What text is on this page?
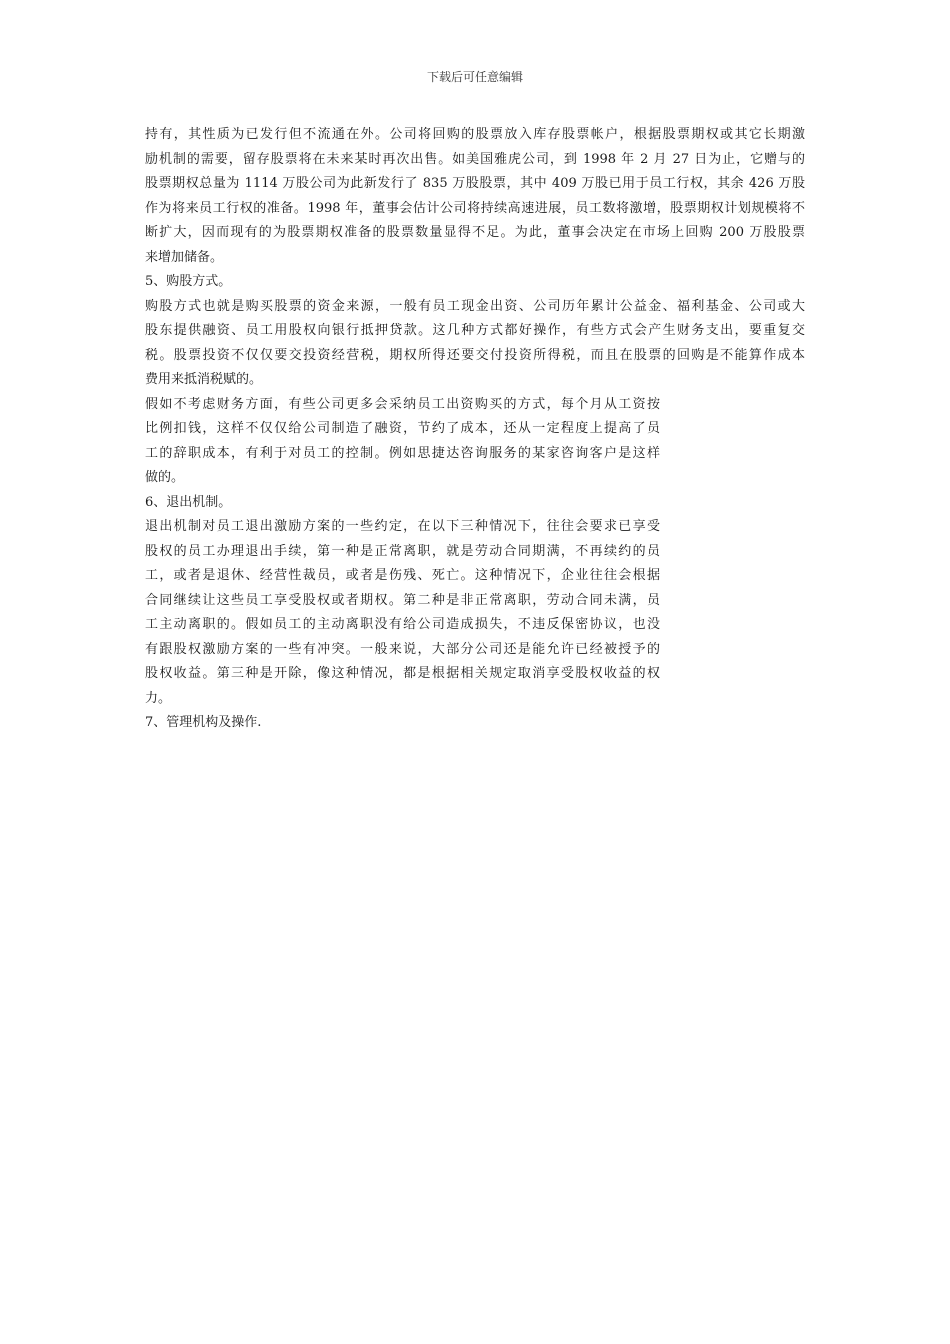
下载后可任意编辑
持有，其性质为已发行但不流通在外。公司将回购的股票放入库存股票帐户，根据股票期权或其它长期激
励机制的需要，留存股票将在未来某时再次出售。如美国雅虎公司，到 1998 年 2 月 27 日为止，它赠与的
股票期权总量为 1114 万股公司为此新发行了 835 万股股票，其中 409 万股已用于员工行权，其余 426 万股
作为将来员工行权的准备。1998 年，董事会估计公司将持续高速进展，员工数将激增，股票期权计划规模将不
断扩大，因而现有的为股票期权准备的股票数量显得不足。为此，董事会决定在市场上回购 200 万股股票
来增加储备。
5、购股方式。
购股方式也就是购买股票的资金来源，一般有员工现金出资、公司历年累计公益金、福利基金、公司或大
股东提供融资、员工用股权向银行抵押贷款。这几种方式都好操作，有些方式会产生财务支出，要重复交
税。股票投资不仅仅要交投资经营税，期权所得还要交付投资所得税，而且在股票的回购是不能算作成本
费用来抵消税赋的。
假如不考虑财务方面，有些公司更多会采纳员工出资购买的方式，每个月从工资按
比例扣钱，这样不仅仅给公司制造了融资，节约了成本，还从一定程度上提高了员
工的辞职成本，有利于对员工的控制。例如思捷达咨询服务的某家咨询客户是这样
做的。
6、退出机制。
退出机制对员工退出激励方案的一些约定，在以下三种情况下，往往会要求已享受
股权的员工办理退出手续，第一种是正常离职，就是劳动合同期满，不再续约的员
工，或者是退休、经营性裁员，或者是伤残、死亡。这种情况下，企业往往会根据
合同继续让这些员工享受股权或者期权。第二种是非正常离职，劳动合同未满，员
工主动离职的。假如员工的主动离职没有给公司造成损失，不违反保密协议，也没
有跟股权激励方案的一些有冲突。一般来说，大部分公司还是能允许已经被授予的
股权收益。第三种是开除，像这种情况，都是根据相关规定取消享受股权收益的权
力。
7、管理机构及操作.
